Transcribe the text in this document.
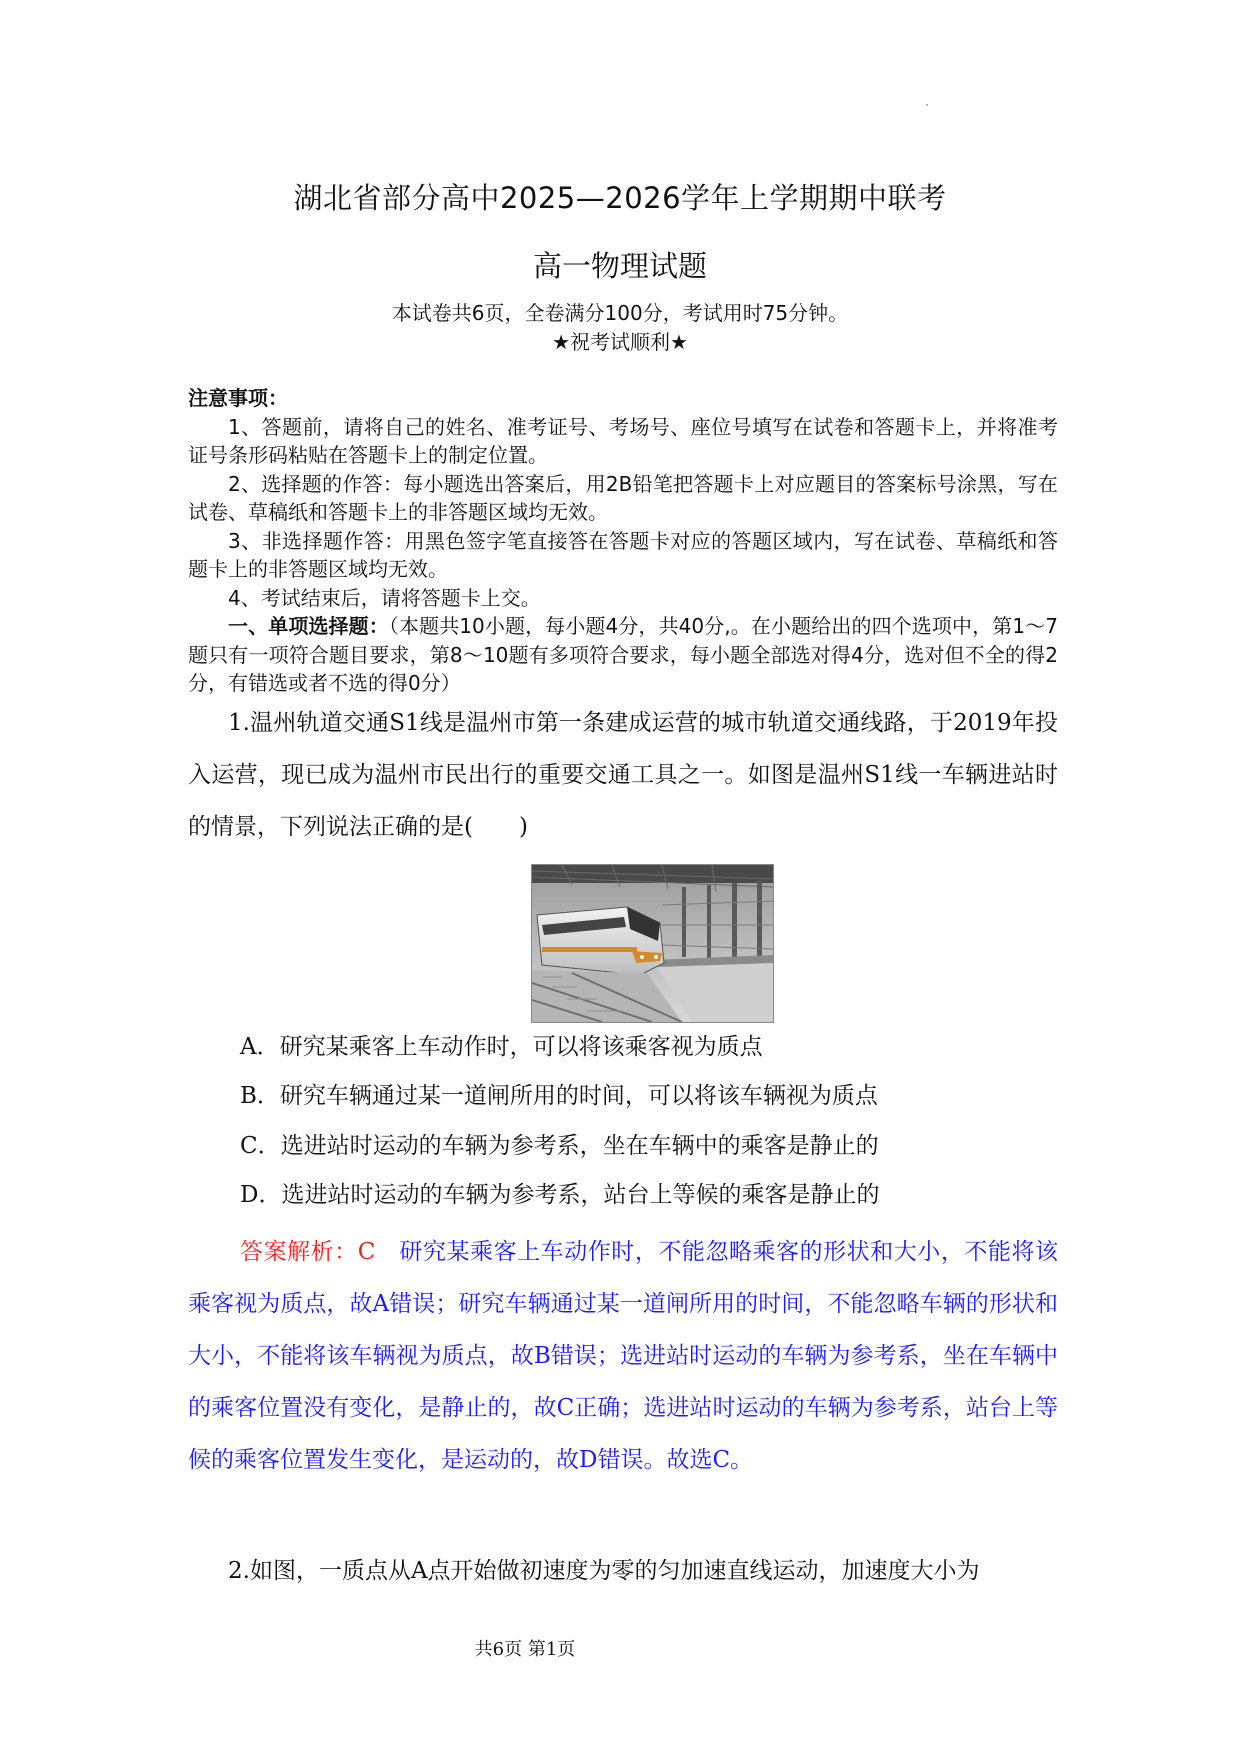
湖北省部分高中2025—2026学年上学期期中联考
高一物理试题
本试卷共6页，全卷满分100分，考试用时75分钟。
★祝考试顺利★
注意事项：

1、答题前，请将自己的姓名、准考证号、考场号、座位号填写在试卷和答题卡上，并将准考证号条形码粘贴在答题卡上的制定位置。

2、选择题的作答：每小题选出答案后，用2B铅笔把答题卡上对应题目的答案标号涂黑，写在试卷、草稿纸和答题卡上的非答题区域均无效。

3、非选择题作答：用黑色签字笔直接答在答题卡对应的答题区域内，写在试卷、草稿纸和答题卡上的非答题区域均无效。

4、考试结束后，请将答题卡上交。

一、单项选择题：（本题共10小题，每小题4分，共40分,。在小题给出的四个选项中，第1～7题只有一项符合题目要求，第8～10题有多项符合要求，每小题全部选对得4分，选对但不全的得2分，有错选或者不选的得0分）

1.温州轨道交通S1线是温州市第一条建成运营的城市轨道交通线路，于2019年投入运营，现已成为温州市民出行的重要交通工具之一。如图是温州S1线一车辆进站时的情景，下列说法正确的是(　　)
A．研究某乘客上车动作时，可以将该乘客视为质点
B．研究车辆通过某一道闸所用的时间，可以将该车辆视为质点
C．选进站时运动的车辆为参考系，坐在车辆中的乘客是静止的
D．选进站时运动的车辆为参考系，站台上等候的乘客是静止的
答案解析：C　 研究某乘客上车动作时，不能忽略乘客的形状和大小，不能将该乘客视为质点，故A错误；研究车辆通过某一道闸所用的时间，不能忽略车辆的形状和大小，不能将该车辆视为质点，故B错误；选进站时运动的车辆为参考系，坐在车辆中的乘客位置没有变化，是静止的，故C正确；选进站时运动的车辆为参考系，站台上等候的乘客位置发生变化，是运动的，故D错误。故选C。
2.如图，一质点从A点开始做初速度为零的匀加速直线运动，加速度大小为
共6页 第1页
